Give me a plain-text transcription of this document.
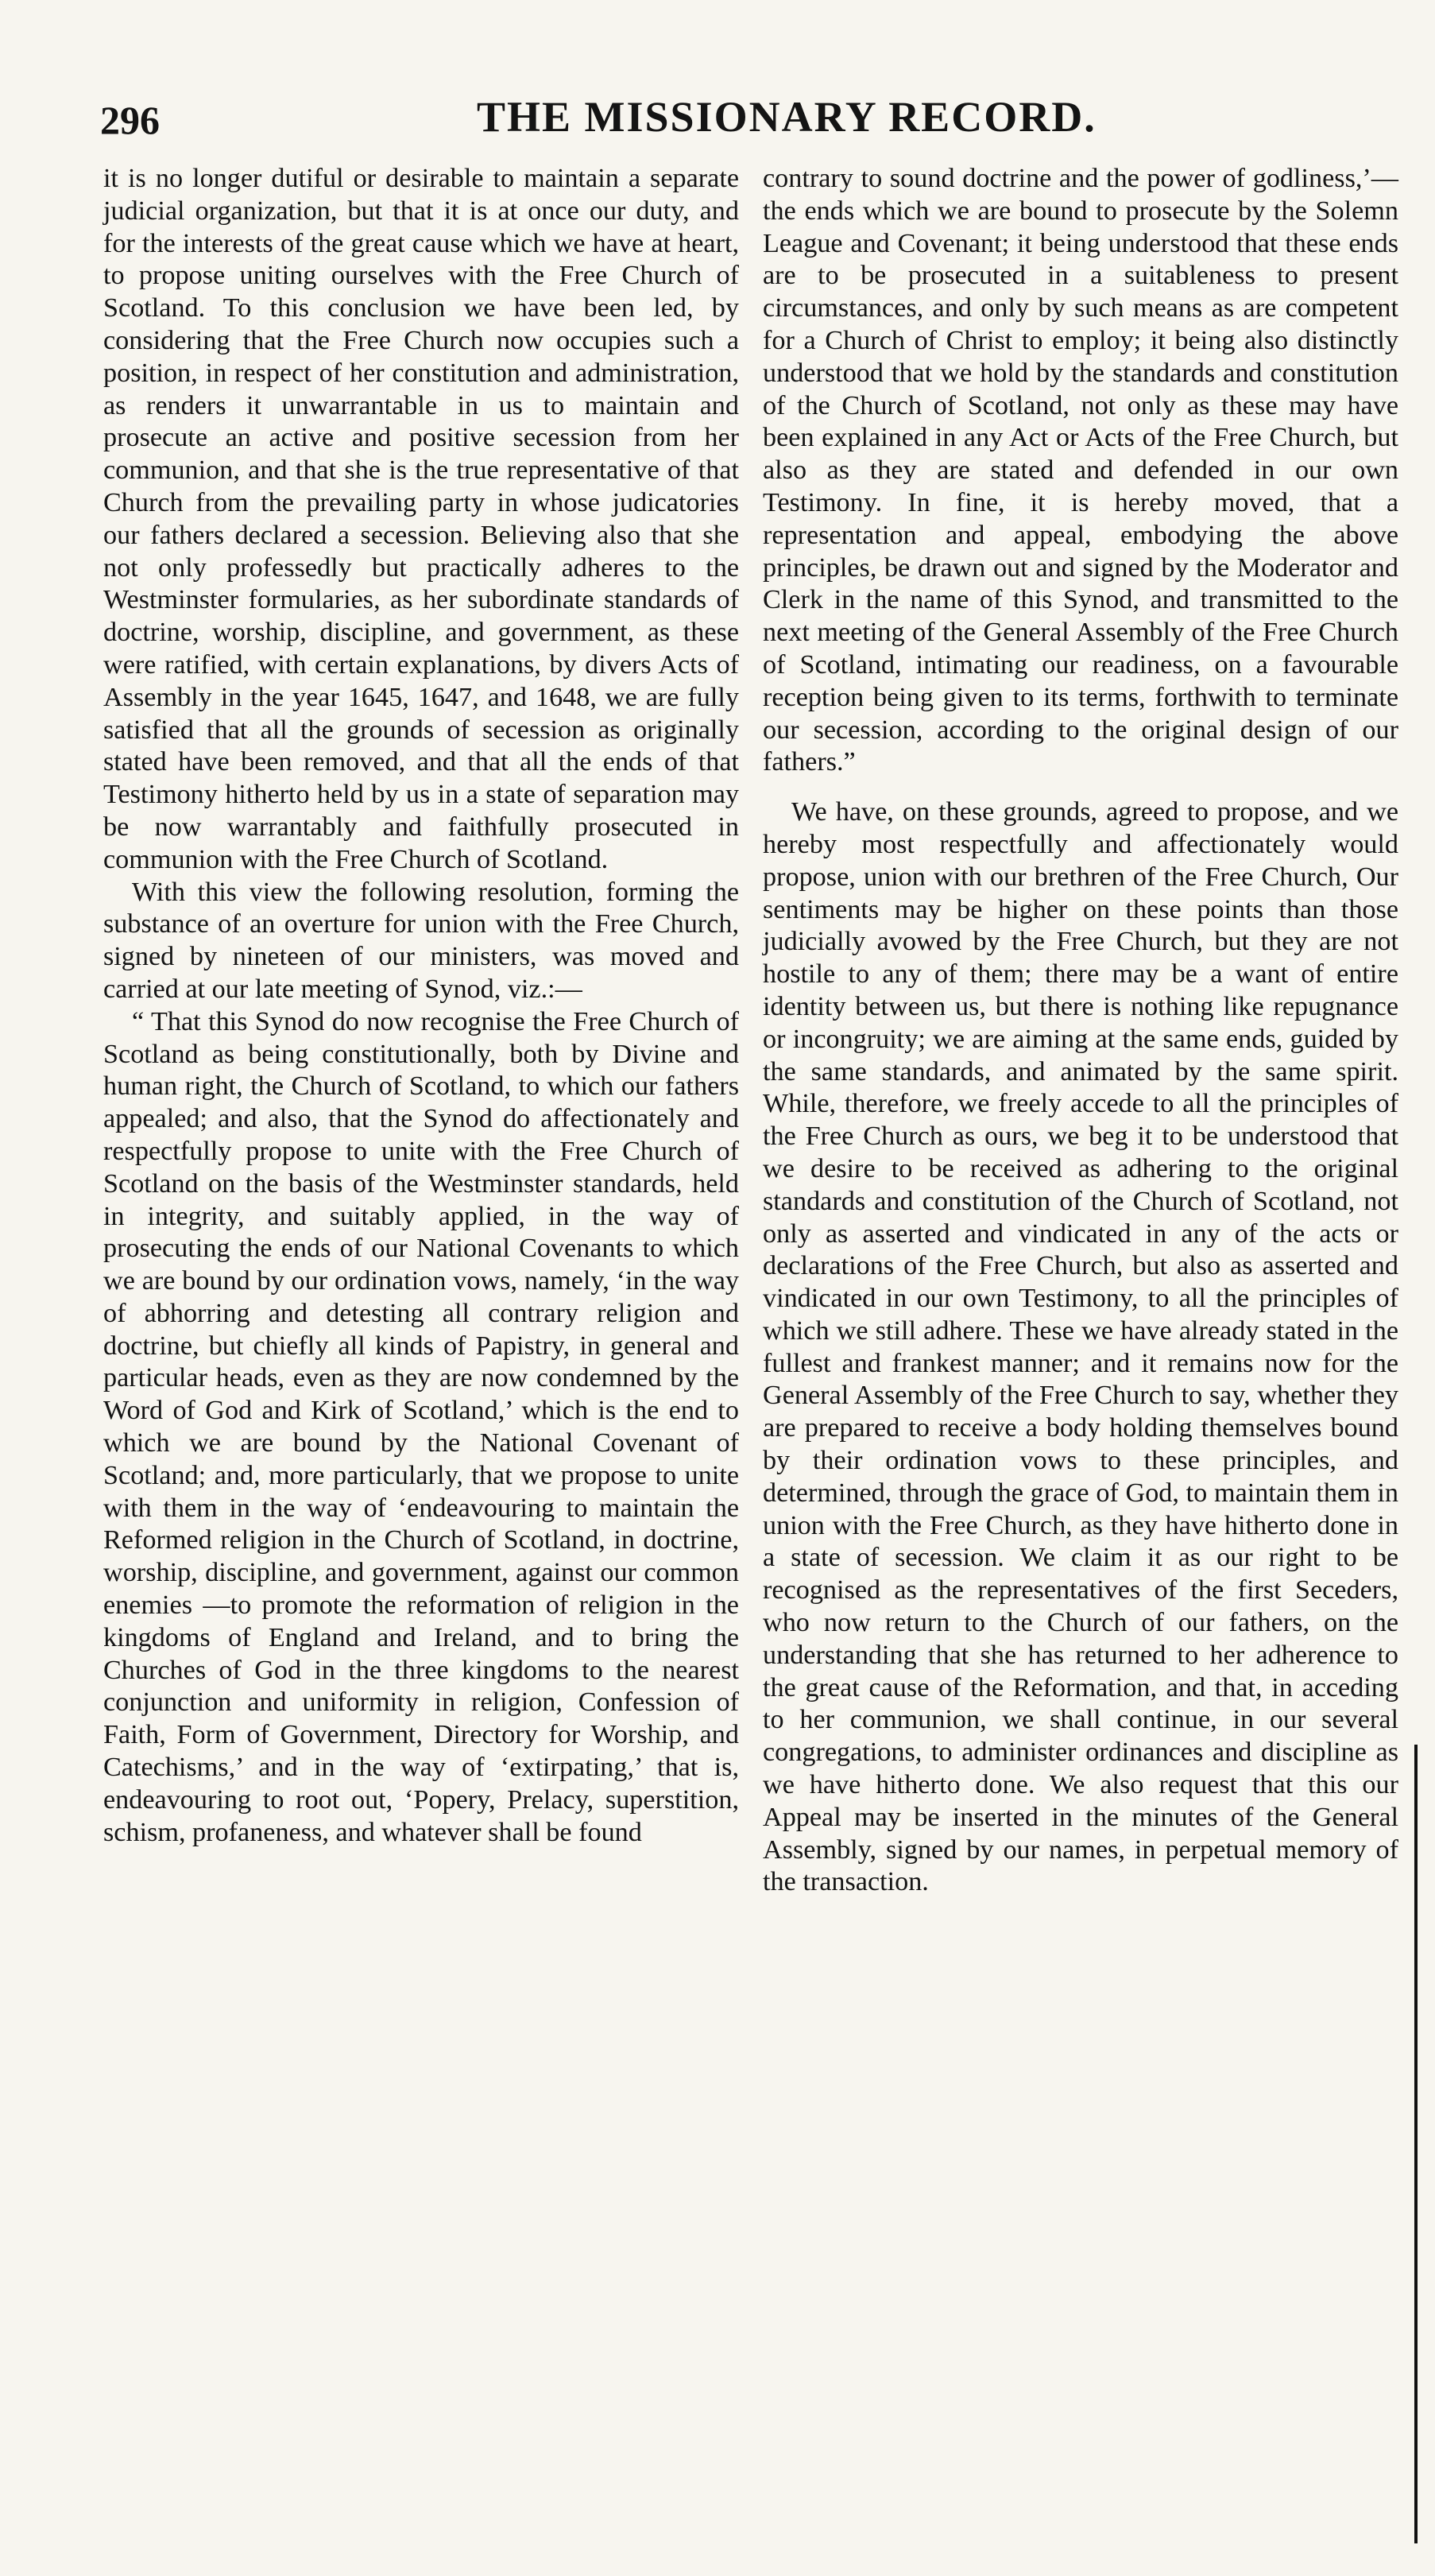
296	THE MISSIONARY RECORD.

it is no longer dutiful or desirable to maintain a separate judicial organization, but that it is at once our duty, and for the interests of the great cause which we have at heart, to propose uniting ourselves with the Free Church of Scotland. To this conclusion we have been led, by considering that the Free Church now occupies such a position, in respect of her constitution and administration, as renders it unwarrantable in us to maintain and prosecute an active and positive secession from her communion, and that she is the true representative of that Church from the prevailing party in whose judicatories our fathers declared a secession. Believing also that she not only professedly but practically adheres to the Westminster formularies, as her subordinate standards of doctrine, worship, discipline, and government, as these were ratified, with certain explanations, by divers Acts of Assembly in the year 1645, 1647, and 1648, we are fully satisfied that all the grounds of secession as originally stated have been removed, and that all the ends of that Testimony hitherto held by us in a state of separation may be now warrantably and faithfully prosecuted in communion with the Free Church of Scotland.

With this view the following resolution, forming the substance of an overture for union with the Free Church, signed by nineteen of our ministers, was moved and carried at our late meeting of Synod, viz.:—

“ That this Synod do now recognise the Free Church of Scotland as being constitutionally, both by Divine and human right, the Church of Scotland, to which our fathers appealed; and also, that the Synod do affectionately and respectfully propose to unite with the Free Church of Scotland on the basis of the Westminster standards, held in integrity, and suitably applied, in the way of prosecuting the ends of our National Covenants to which we are bound by our ordination vows, namely, ‘in the way of abhorring and detesting all contrary religion and doctrine, but chiefly all kinds of Papistry, in general and particular heads, even as they are now condemned by the Word of God and Kirk of Scotland,’ which is the end to which we are bound by the National Covenant of Scotland; and, more particularly, that we propose to unite with them in the way of ‘endeavouring to maintain the Reformed religion in the Church of Scotland, in doctrine, worship, discipline, and government, against our common enemies —to promote the reformation of religion in the kingdoms of England and Ireland, and to bring the Churches of God in the three kingdoms to the nearest conjunction and uniformity in religion, Confession of Faith, Form of Government, Directory for Worship, and Catechisms,’ and in the way of ‘extirpating,’ that is, endeavouring to root out, ‘Popery, Prelacy, superstition, schism, profaneness, and whatever shall be found

contrary to sound doctrine and the power of godliness,’—the ends which we are bound to prosecute by the Solemn League and Covenant; it being understood that these ends are to be prosecuted in a suitableness to present circumstances, and only by such means as are competent for a Church of Christ to employ; it being also distinctly understood that we hold by the standards and constitution of the Church of Scotland, not only as these may have been explained in any Act or Acts of the Free Church, but also as they are stated and defended in our own Testimony. In fine, it is hereby moved, that a representation and appeal, embodying the above principles, be drawn out and signed by the Moderator and Clerk in the name of this Synod, and transmitted to the next meeting of the General Assembly of the Free Church of Scotland, intimating our readiness, on a favourable reception being given to its terms, forthwith to terminate our secession, according to the original design of our fathers.”

We have, on these grounds, agreed to propose, and we hereby most respectfully and affectionately would propose, union with our brethren of the Free Church, Our sentiments may be higher on these points than those judicially avowed by the Free Church, but they are not hostile to any of them; there may be a want of entire identity between us, but there is nothing like repugnance or incongruity; we are aiming at the same ends, guided by the same standards, and animated by the same spirit. While, therefore, we freely accede to all the principles of the Free Church as ours, we beg it to be understood that we desire to be received as adhering to the original standards and constitution of the Church of Scotland, not only as asserted and vindicated in any of the acts or declarations of the Free Church, but also as asserted and vindicated in our own Testimony, to all the principles of which we still adhere. These we have already stated in the fullest and frankest manner; and it remains now for the General Assembly of the Free Church to say, whether they are prepared to receive a body holding themselves bound by their ordination vows to these principles, and determined, through the grace of God, to maintain them in union with the Free Church, as they have hitherto done in a state of secession. We claim it as our right to be recognised as the representatives of the first Seceders, who now return to the Church of our fathers, on the understanding that she has returned to her adherence to the great cause of the Reformation, and that, in acceding to her communion, we shall continue, in our several congregations, to administer ordinances and discipline as we have hitherto done. We also request that this our Appeal may be inserted in the minutes of the General Assembly, signed by our names, in perpetual memory of the transaction.
